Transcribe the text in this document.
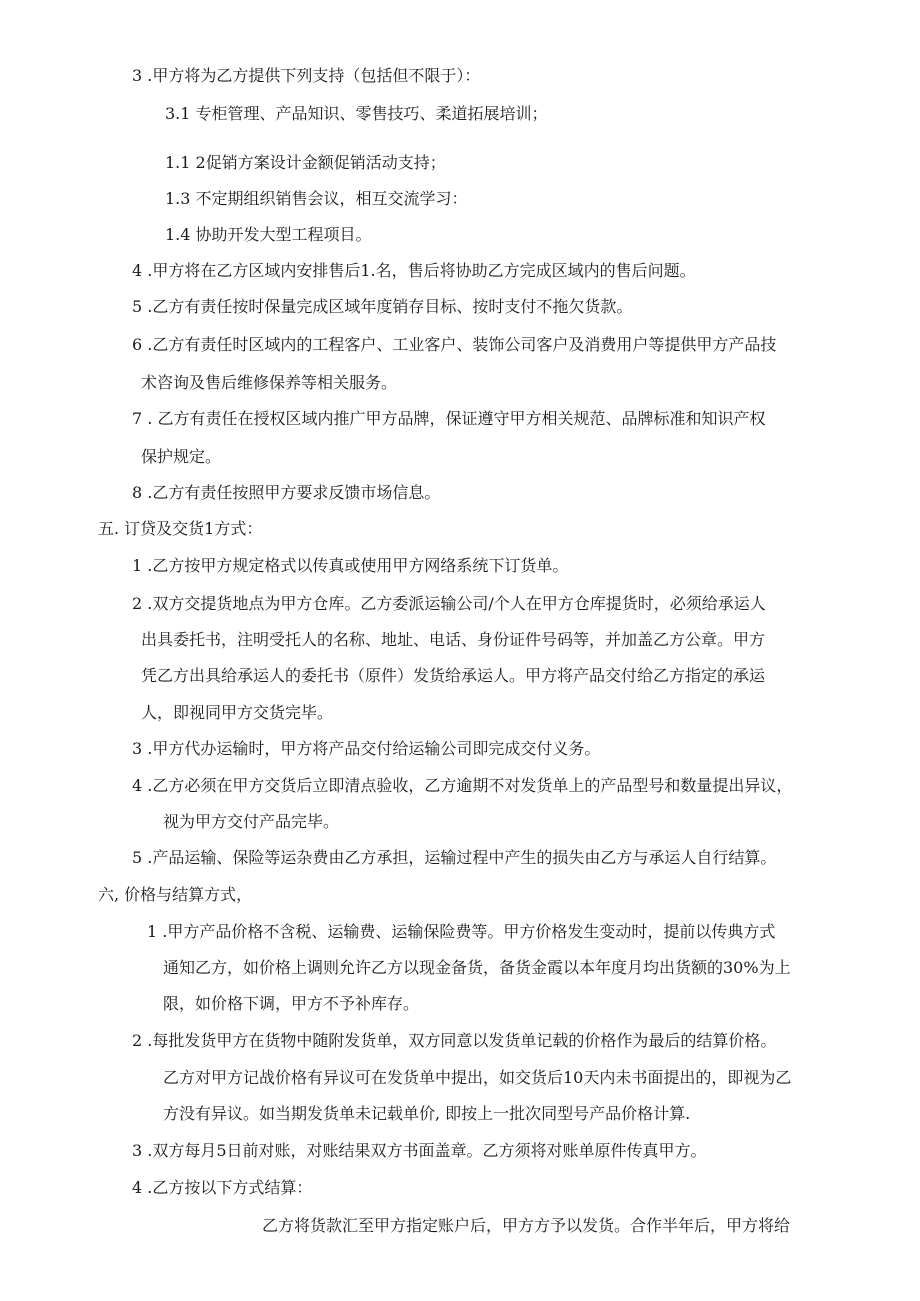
3 .甲方将为乙方提供下列支持（包括但不限于）：
3.1 专柜管理、产品知识、零售技巧、柔道拓展培训；
1.1 2促销方案设计金额促销活动支持；
1.3 不定期组织销售会议，相互交流学习：
1.4 协助开发大型工程项目。
4 .甲方将在乙方区域内安排售后1.名，售后将协助乙方完成区域内的售后问题。
5 .乙方有责任按时保量完成区域年度销存目标、按时支付不拖欠货款。
6 .乙方有责任时区域内的工程客户、工业客户、装饰公司客户及消费用户等提供甲方产品技
术咨询及售后维修保养等相关服务。
7 . 乙方有责任在授权区域内推广甲方品牌，保证遵守甲方相关规范、品牌标准和知识产权
保护规定。
8 .乙方有责任按照甲方要求反馈市场信息。
五. 订贷及交货1方式：
1 .乙方按甲方规定格式以传真或使用甲方网络系统下订货单。
2 .双方交提货地点为甲方仓库。乙方委派运输公司/个人在甲方仓库提货时，必须给承运人
出具委托书，注明受托人的名称、地址、电话、身份证件号码等，并加盖乙方公章。甲方
凭乙方出具给承运人的委托书（原件）发货给承运人。甲方将产品交付给乙方指定的承运
人，即视同甲方交货完毕。
3 .甲方代办运输时，甲方将产品交付给运输公司即完成交付义务。
4 .乙方必须在甲方交货后立即清点验收，乙方逾期不对发货单上的产品型号和数量提出异议，
视为甲方交付产品完毕。
5 .产品运输、保险等运杂费由乙方承担，运输过程中产生的损失由乙方与承运人自行结算。
六, 价格与结算方式，
1 .甲方产品价格不含税、运输费、运输保险费等。甲方价格发生变动时，提前以传典方式
通知乙方，如价格上调则允许乙方以现金备货，备货金霞以本年度月均出货额的30%为上
限，如价格下调，甲方不予补库存。
2 .每批发货甲方在货物中随附发货单，双方同意以发货单记载的价格作为最后的结算价格。
乙方对甲方记战价格有异议可在发货单中提出，如交货后10天内未书面提出的，即视为乙
方没有异议。如当期发货单未记载单价, 即按上一批次同型号产品价格计算.
3 .双方每月5日前对账，对账结果双方书面盖章。乙方须将对账单原件传真甲方。
4 .乙方按以下方式结算：
乙方将货款汇至甲方指定账户后，甲方方予以发货。合作半年后，甲方将给
